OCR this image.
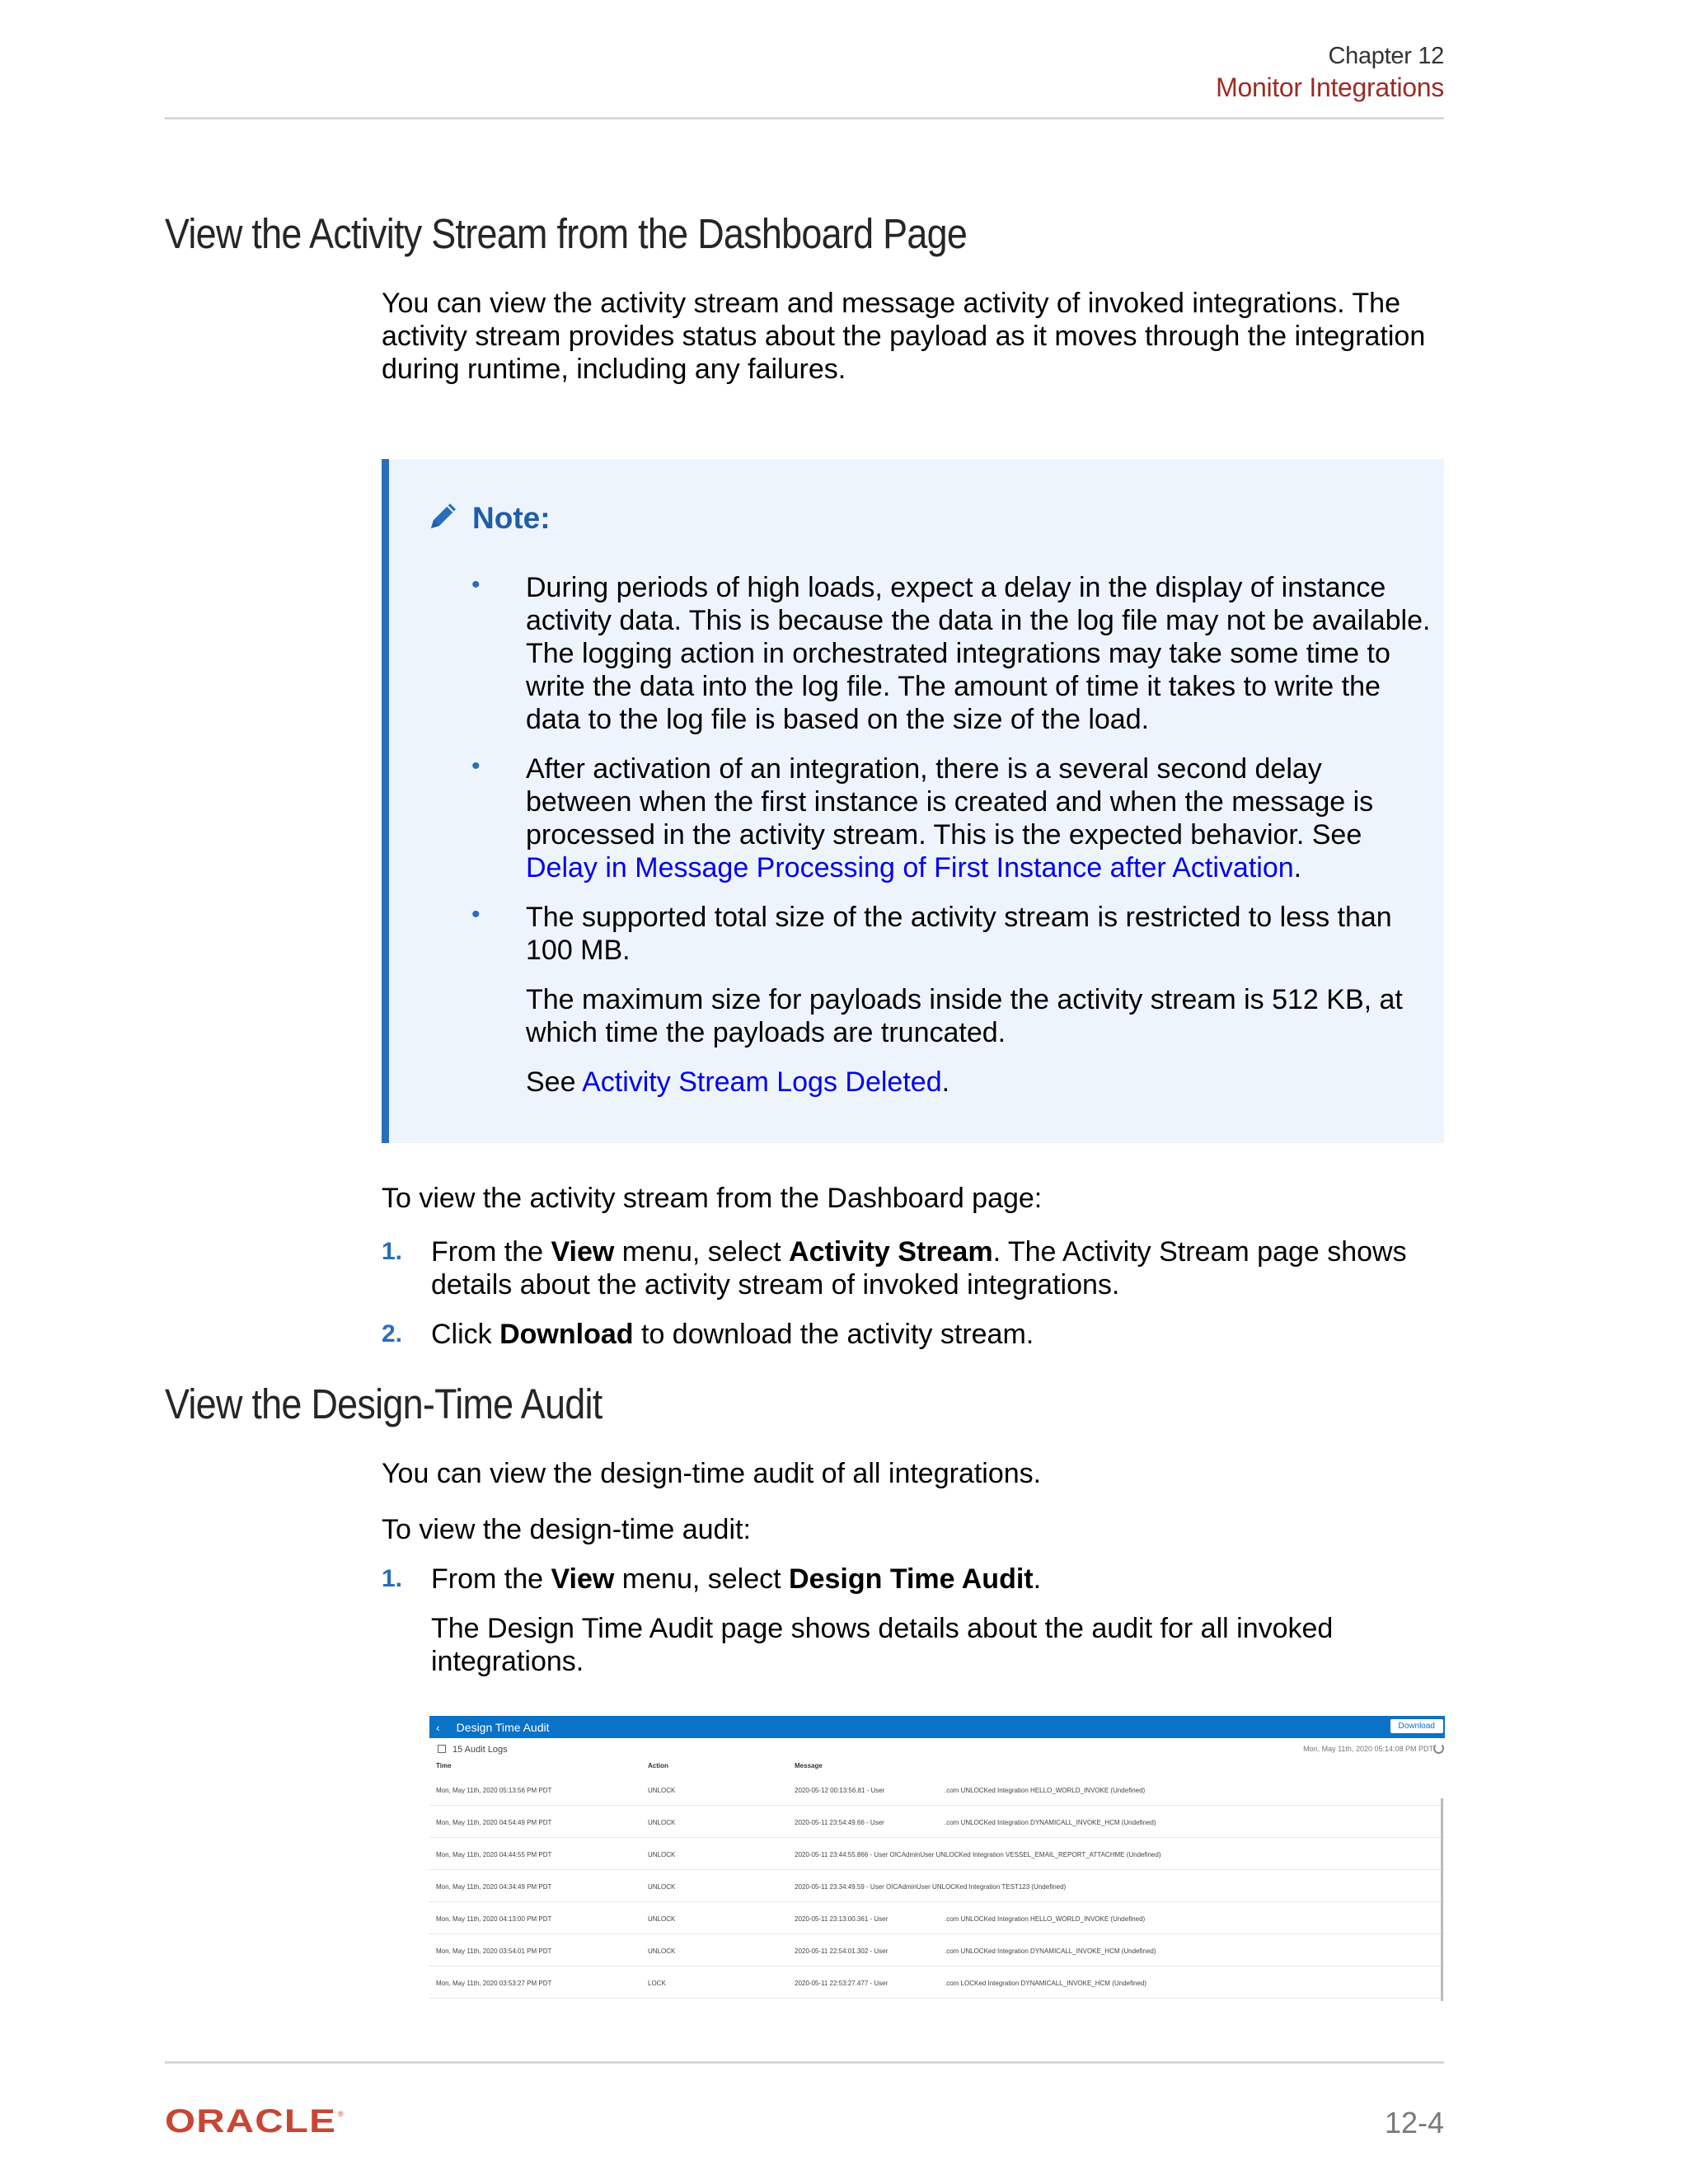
Chapter 12
Monitor Integrations
View the Activity Stream from the Dashboard Page
You can view the activity stream and message activity of invoked integrations. The
activity stream provides status about the payload as it moves through the integration
during runtime, including any failures.
Note:
• During periods of high loads, expect a delay in the display of instance
activity data. This is because the data in the log file may not be available.
The logging action in orchestrated integrations may take some time to
write the data into the log file. The amount of time it takes to write the
data to the log file is based on the size of the load.
• After activation of an integration, there is a several second delay
between when the first instance is created and when the message is
processed in the activity stream. This is the expected behavior. See
Delay in Message Processing of First Instance after Activation.
• The supported total size of the activity stream is restricted to less than
100 MB.
The maximum size for payloads inside the activity stream is 512 KB, at
which time the payloads are truncated.
See Activity Stream Logs Deleted.
To view the activity stream from the Dashboard page:
1. From the View menu, select Activity Stream. The Activity Stream page shows
details about the activity stream of invoked integrations.
2. Click Download to download the activity stream.
View the Design-Time Audit
You can view the design-time audit of all integrations.
To view the design-time audit:
1. From the View menu, select Design Time Audit.
The Design Time Audit page shows details about the audit for all invoked
integrations.
‹ Design Time Audit	Download
15 Audit Logs	Mon, May 11th, 2020 05:14:08 PM PDT
Time	Action	Message
Mon, May 11th, 2020 05:13:56 PM PDT	UNLOCK	2020-05-12 00:13:56.81 - User	.com UNLOCKed Integration HELLO_WORLD_INVOKE (Undefined)
Mon, May 11th, 2020 04:54:49 PM PDT	UNLOCK	2020-05-11 23:54:49.66 - User	.com UNLOCKed Integration DYNAMICALL_INVOKE_HCM (Undefined)
Mon, May 11th, 2020 04:44:55 PM PDT	UNLOCK	2020-05-11 23:44:55.866 - User OICAdminUser UNLOCKed Integration VESSEL_EMAIL_REPORT_ATTACHME (Undefined)
Mon, May 11th, 2020 04:34:49 PM PDT	UNLOCK	2020-05-11 23:34:49.59 - User OICAdminUser UNLOCKed Integration TEST123 (Undefined)
Mon, May 11th, 2020 04:13:00 PM PDT	UNLOCK	2020-05-11 23:13:00.361 - User	.com UNLOCKed Integration HELLO_WORLD_INVOKE (Undefined)
Mon, May 11th, 2020 03:54:01 PM PDT	UNLOCK	2020-05-11 22:54:01.302 - User	.com UNLOCKed Integration DYNAMICALL_INVOKE_HCM (Undefined)
Mon, May 11th, 2020 03:53:27 PM PDT	LOCK	2020-05-11 22:53:27.477 - User	.com LOCKed Integration DYNAMICALL_INVOKE_HCM (Undefined)
ORACLE ®	12-4
